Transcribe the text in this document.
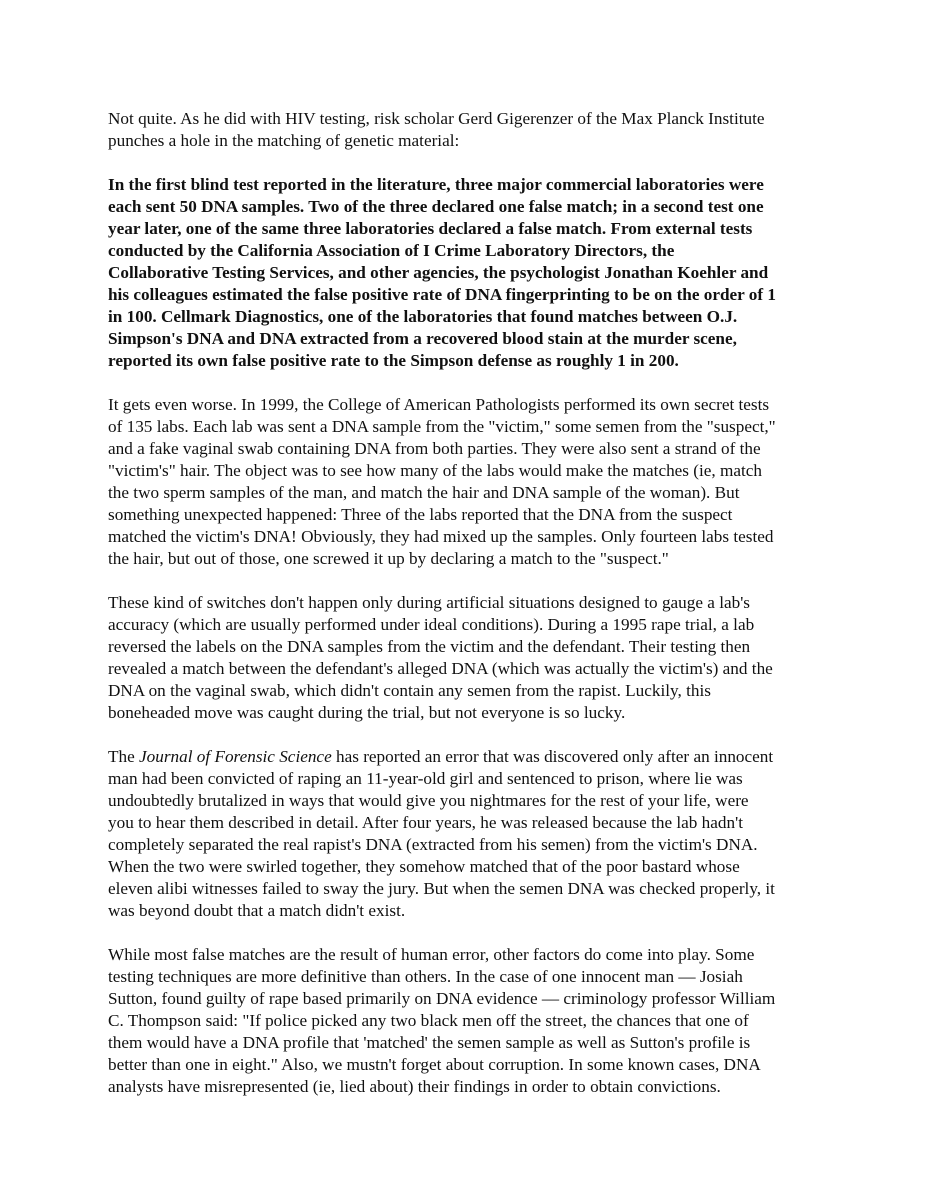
Not quite. As he did with HIV testing, risk scholar Gerd Gigerenzer of the Max Planck Institute
punches a hole in the matching of genetic material:
In the first blind test reported in the literature, three major commercial laboratories were
each sent 50 DNA samples. Two of the three declared one false match; in a second test one
year later, one of the same three laboratories declared a false match. From external tests
conducted by the California Association of I Crime Laboratory Directors, the
Collaborative Testing Services, and other agencies, the psychologist Jonathan Koehler and
his colleagues estimated the false positive rate of DNA fingerprinting to be on the order of 1
in 100. Cellmark Diagnostics, one of the laboratories that found matches between O.J.
Simpson's DNA and DNA extracted from a recovered blood stain at the murder scene,
reported its own false positive rate to the Simpson defense as roughly 1 in 200.
It gets even worse. In 1999, the College of American Pathologists performed its own secret tests
of 135 labs. Each lab was sent a DNA sample from the "victim," some semen from the "suspect,"
and a fake vaginal swab containing DNA from both parties. They were also sent a strand of the
"victim's" hair. The object was to see how many of the labs would make the matches (ie, match
the two sperm samples of the man, and match the hair and DNA sample of the woman). But
something unexpected happened: Three of the labs reported that the DNA from the suspect
matched the victim's DNA! Obviously, they had mixed up the samples. Only fourteen labs tested
the hair, but out of those, one screwed it up by declaring a match to the "suspect."
These kind of switches don't happen only during artificial situations designed to gauge a lab's
accuracy (which are usually performed under ideal conditions). During a 1995 rape trial, a lab
reversed the labels on the DNA samples from the victim and the defendant. Their testing then
revealed a match between the defendant's alleged DNA (which was actually the victim's) and the
DNA on the vaginal swab, which didn't contain any semen from the rapist. Luckily, this
boneheaded move was caught during the trial, but not everyone is so lucky.
The Journal of Forensic Science has reported an error that was discovered only after an innocent
man had been convicted of raping an 11-year-old girl and sentenced to prison, where lie was
undoubtedly brutalized in ways that would give you nightmares for the rest of your life, were
you to hear them described in detail. After four years, he was released because the lab hadn't
completely separated the real rapist's DNA (extracted from his semen) from the victim's DNA.
When the two were swirled together, they somehow matched that of the poor bastard whose
eleven alibi witnesses failed to sway the jury. But when the semen DNA was checked properly, it
was beyond doubt that a match didn't exist.
While most false matches are the result of human error, other factors do come into play. Some
testing techniques are more definitive than others. In the case of one innocent man — Josiah
Sutton, found guilty of rape based primarily on DNA evidence — criminology professor William
C. Thompson said: "If police picked any two black men off the street, the chances that one of
them would have a DNA profile that 'matched' the semen sample as well as Sutton's profile is
better than one in eight." Also, we mustn't forget about corruption. In some known cases, DNA
analysts have misrepresented (ie, lied about) their findings in order to obtain convictions.
